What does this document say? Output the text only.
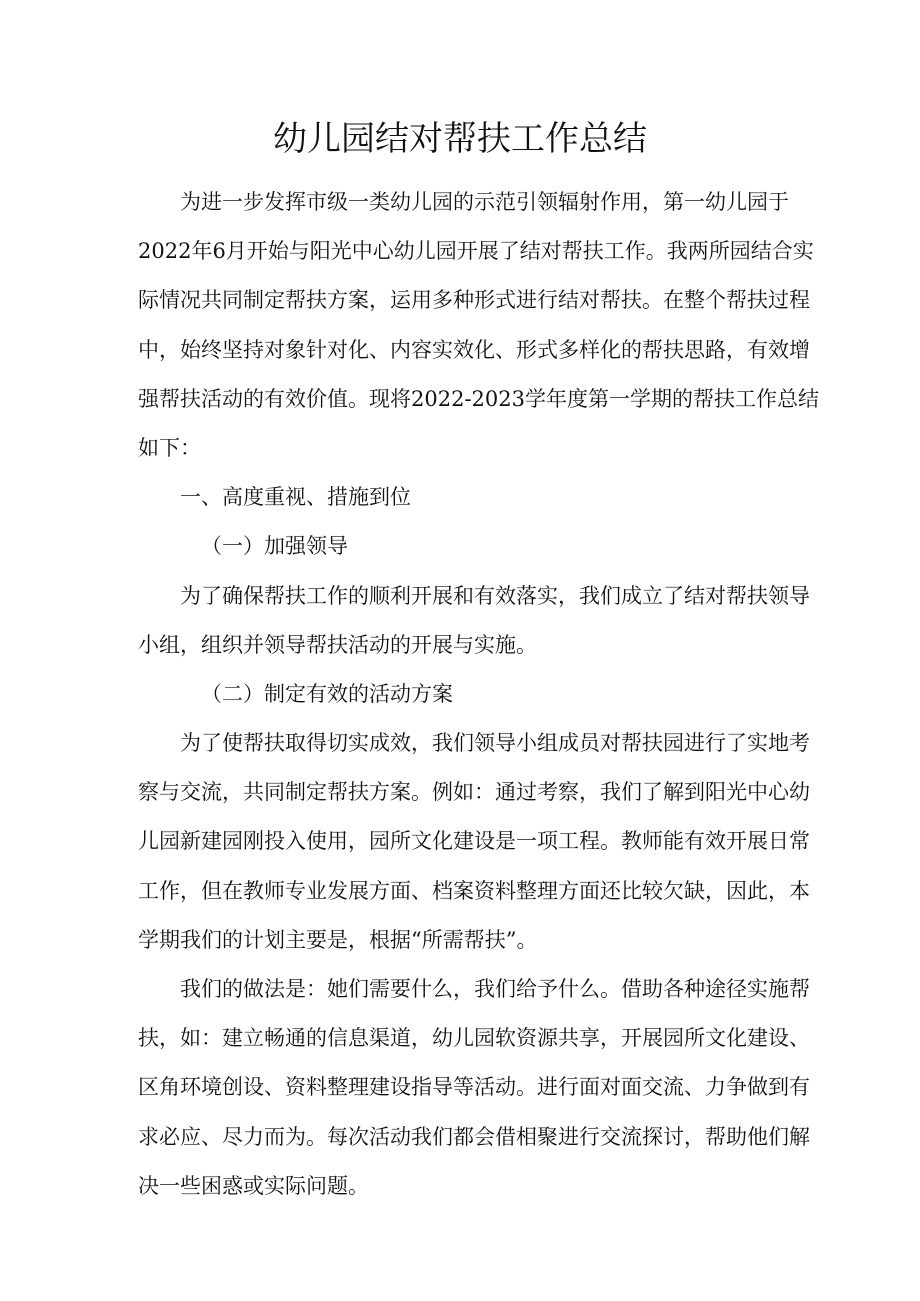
幼儿园结对帮扶工作总结
为进一步发挥市级一类幼儿园的示范引领辐射作用，第一幼儿园于
2022年6月开始与阳光中心幼儿园开展了结对帮扶工作。我两所园结合实
际情况共同制定帮扶方案，运用多种形式进行结对帮扶。在整个帮扶过程
中，始终坚持对象针对化、内容实效化、形式多样化的帮扶思路，有效增
强帮扶活动的有效价值。现将2022-2023学年度第一学期的帮扶工作总结
如下：
一、高度重视、措施到位
（一）加强领导
为了确保帮扶工作的顺利开展和有效落实，我们成立了结对帮扶领导
小组，组织并领导帮扶活动的开展与实施。
（二）制定有效的活动方案
为了使帮扶取得切实成效，我们领导小组成员对帮扶园进行了实地考
察与交流，共同制定帮扶方案。例如：通过考察，我们了解到阳光中心幼
儿园新建园刚投入使用，园所文化建设是一项工程。教师能有效开展日常
工作，但在教师专业发展方面、档案资料整理方面还比较欠缺，因此，本
学期我们的计划主要是，根据“所需帮扶”。
我们的做法是：她们需要什么，我们给予什么。借助各种途径实施帮
扶，如：建立畅通的信息渠道，幼儿园软资源共享，开展园所文化建设、
区角环境创设、资料整理建设指导等活动。进行面对面交流、力争做到有
求必应、尽力而为。每次活动我们都会借相聚进行交流探讨，帮助他们解
决一些困惑或实际问题。
